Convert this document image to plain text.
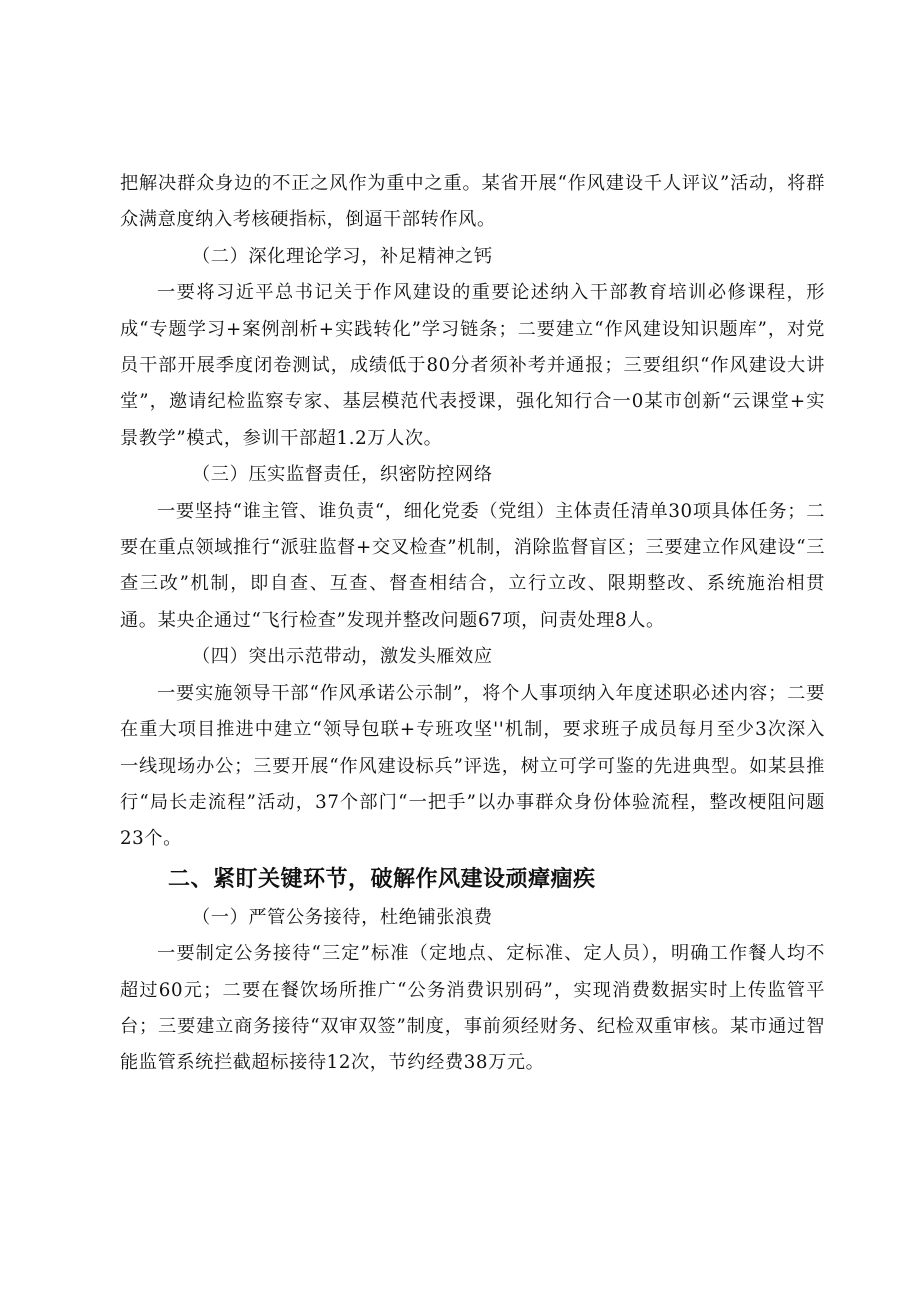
把解决群众身边的不正之风作为重中之重。某省开展“作风建设千人评议”活动，将群众满意度纳入考核硬指标，倒逼干部转作风。

（二）深化理论学习，补足精神之钙

一要将习近平总书记关于作风建设的重要论述纳入干部教育培训必修课程，形成“专题学习+案例剖析+实践转化”学习链条；二要建立“作风建设知识题库”，对党员干部开展季度闭卷测试，成绩低于80分者须补考并通报；三要组织“作风建设大讲堂”，邀请纪检监察专家、基层模范代表授课，强化知行合一0某市创新“云课堂+实景教学”模式，参训干部超1.2万人次。

（三）压实监督责任，织密防控网络

一要坚持“谁主管、谁负责“，细化党委（党组）主体责任清单30项具体任务；二要在重点领域推行“派驻监督+交叉检查”机制，消除监督盲区；三要建立作风建设“三查三改”机制，即自查、互查、督查相结合，立行立改、限期整改、系统施治相贯通。某央企通过“飞行检查”发现并整改问题67项，问责处理8人。

（四）突出示范带动，激发头雁效应

一要实施领导干部“作风承诺公示制”，将个人事项纳入年度述职必述内容；二要在重大项目推进中建立“领导包联+专班攻坚''机制，要求班子成员每月至少3次深入一线现场办公；三要开展“作风建设标兵”评选，树立可学可鉴的先进典型。如某县推行“局长走流程”活动，37个部门“一把手”以办事群众身份体验流程，整改梗阻问题23个。

二、紧盯关键环节，破解作风建设顽瘴痼疾

（一）严管公务接待，杜绝铺张浪费

一要制定公务接待“三定”标准（定地点、定标准、定人员），明确工作餐人均不超过60元；二要在餐饮场所推广“公务消费识别码”，实现消费数据实时上传监管平台；三要建立商务接待“双审双签”制度，事前须经财务、纪检双重审核。某市通过智能监管系统拦截超标接待12次，节约经费38万元。
